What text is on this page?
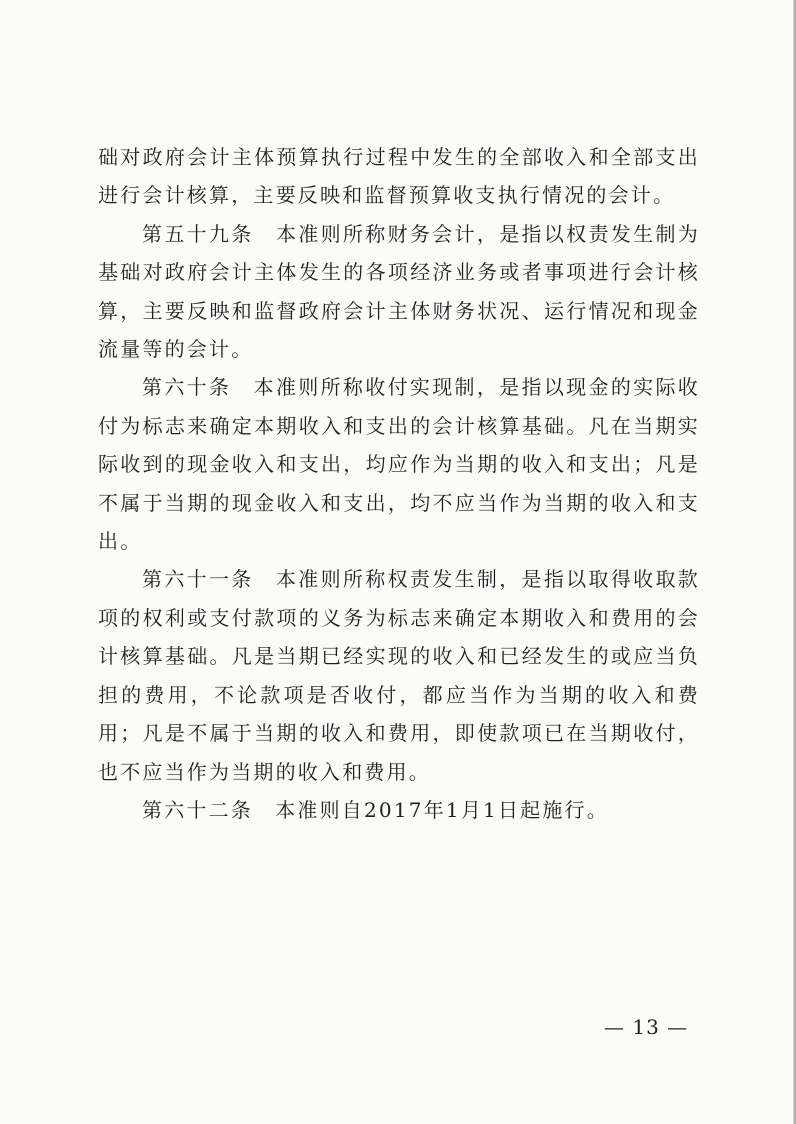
础对政府会计主体预算执行过程中发生的全部收入和全部支出进行会计核算，主要反映和监督预算收支执行情况的会计。

第五十九条　本准则所称财务会计，是指以权责发生制为基础对政府会计主体发生的各项经济业务或者事项进行会计核算，主要反映和监督政府会计主体财务状况、运行情况和现金流量等的会计。

第六十条　本准则所称收付实现制，是指以现金的实际收付为标志来确定本期收入和支出的会计核算基础。凡在当期实际收到的现金收入和支出，均应作为当期的收入和支出；凡是不属于当期的现金收入和支出，均不应当作为当期的收入和支出。

第六十一条　本准则所称权责发生制，是指以取得收取款项的权利或支付款项的义务为标志来确定本期收入和费用的会计核算基础。凡是当期已经实现的收入和已经发生的或应当负担的费用，不论款项是否收付，都应当作为当期的收入和费用；凡是不属于当期的收入和费用，即使款项已在当期收付，也不应当作为当期的收入和费用。

第六十二条　本准则自2017年1月1日起施行。

— 13 —
